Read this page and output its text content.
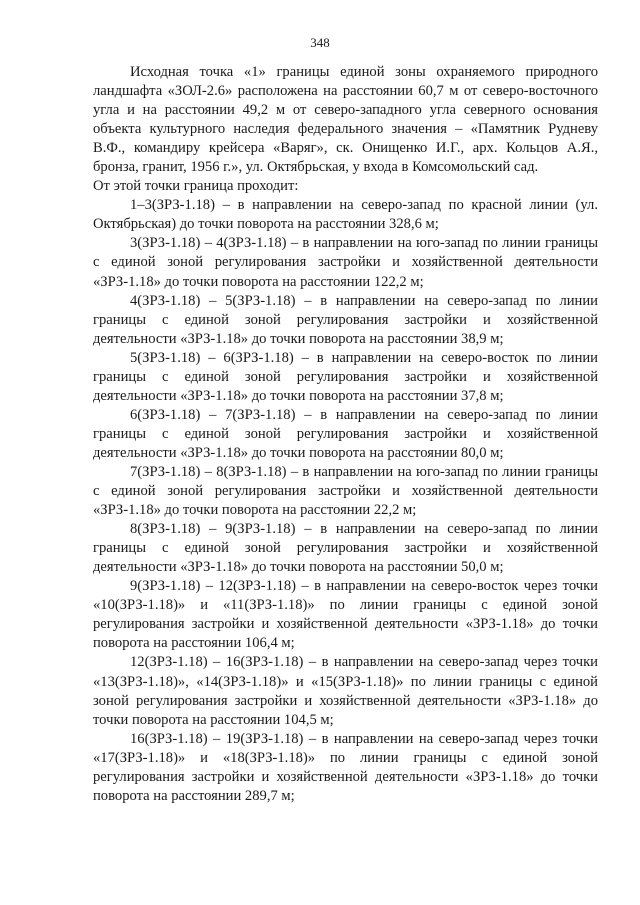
348

Исходная точка «1» границы единой зоны охраняемого природного ландшафта «ЗОЛ-2.6» расположена на расстоянии 60,7 м от северо-восточного угла и на расстоянии 49,2 м от северо-западного угла северного основания объекта культурного наследия федерального значения – «Памятник Рудневу В.Ф., командиру крейсера «Варяг», ск. Онищенко И.Г., арх. Кольцов А.Я., бронза, гранит, 1956 г.», ул. Октябрьская, у входа в Комсомольский сад.

От этой точки граница проходит:

1–3(ЗРЗ-1.18) – в направлении на северо-запад по красной линии (ул. Октябрьская) до точки поворота на расстоянии 328,6 м;

3(ЗРЗ-1.18) – 4(ЗРЗ-1.18) – в направлении на юго-запад по линии границы с единой зоной регулирования застройки и хозяйственной деятельности «ЗРЗ-1.18» до точки поворота на расстоянии 122,2 м;

4(ЗРЗ-1.18) – 5(ЗРЗ-1.18) – в направлении на северо-запад по линии границы с единой зоной регулирования застройки и хозяйственной деятельности «ЗРЗ-1.18» до точки поворота на расстоянии 38,9 м;

5(ЗРЗ-1.18) – 6(ЗРЗ-1.18) – в направлении на северо-восток по линии границы с единой зоной регулирования застройки и хозяйственной деятельности «ЗРЗ-1.18» до точки поворота на расстоянии 37,8 м;

6(ЗРЗ-1.18) – 7(ЗРЗ-1.18) – в направлении на северо-запад по линии границы с единой зоной регулирования застройки и хозяйственной деятельности «ЗРЗ-1.18» до точки поворота на расстоянии 80,0 м;

7(ЗРЗ-1.18) – 8(ЗРЗ-1.18) – в направлении на юго-запад по линии границы с единой зоной регулирования застройки и хозяйственной деятельности «ЗРЗ-1.18» до точки поворота на расстоянии 22,2 м;

8(ЗРЗ-1.18) – 9(ЗРЗ-1.18) – в направлении на северо-запад по линии границы с единой зоной регулирования застройки и хозяйственной деятельности «ЗРЗ-1.18» до точки поворота на расстоянии 50,0 м;

9(ЗРЗ-1.18) – 12(ЗРЗ-1.18) – в направлении на северо-восток через точки «10(ЗРЗ-1.18)» и «11(ЗРЗ-1.18)» по линии границы с единой зоной регулирования застройки и хозяйственной деятельности «ЗРЗ-1.18» до точки поворота на расстоянии 106,4 м;

12(ЗРЗ-1.18) – 16(ЗРЗ-1.18) – в направлении на северо-запад через точки «13(ЗРЗ-1.18)», «14(ЗРЗ-1.18)» и «15(ЗРЗ-1.18)» по линии границы с единой зоной регулирования застройки и хозяйственной деятельности «ЗРЗ-1.18» до точки поворота на расстоянии 104,5 м;

16(ЗРЗ-1.18) – 19(ЗРЗ-1.18) – в направлении на северо-запад через точки «17(ЗРЗ-1.18)» и «18(ЗРЗ-1.18)» по линии границы с единой зоной регулирования застройки и хозяйственной деятельности «ЗРЗ-1.18» до точки поворота на расстоянии 289,7 м;
